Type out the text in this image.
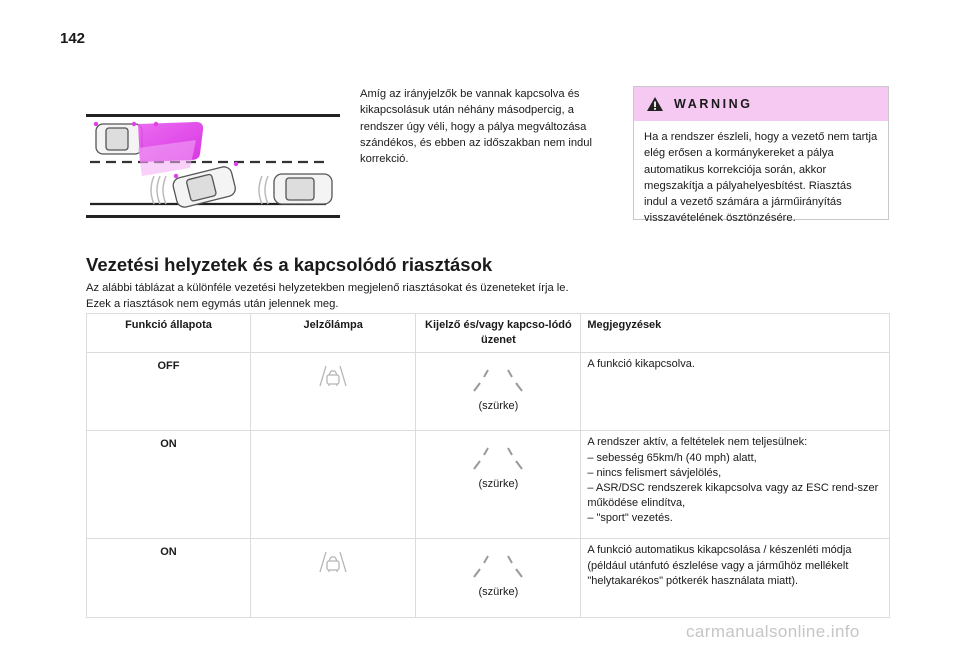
142
Amíg az irányjelzők be vannak kapcsolva és kikapcsolásuk után néhány másodpercig, a rendszer úgy véli, hogy a pálya megváltozása szándékos, és ebben az időszakban nem indul korrekció.
WARNING
Ha a rendszer észleli, hogy a vezető nem tartja elég erősen a kormánykereket a pálya automatikus korrekciója során, akkor megszakítja a pályahelyesbítést. Riasztás indul a vezető számára a járműirányítás visszavételének ösztönzésére.
Vezetési helyzetek és a kapcsolódó riasztások
Az alábbi táblázat a különféle vezetési helyzetekben megjelenő riasztásokat és üzeneteket írja le.
Ezek a riasztások nem egymás után jelennek meg.
Funkció állapota	Jelzőlámpa	Kijelző és/vagy kapcso-lódó üzenet	Megjegyzések
OFF		(szürke)	A funkció kikapcsolva.
ON		(szürke)	A rendszer aktív, a feltételek nem teljesülnek:
– sebesség 65km/h (40 mph) alatt,
– nincs felismert sávjelölés,
– ASR/DSC rendszerek kikapcsolva vagy az ESC rend-szer működése elindítva,
– "sport" vezetés.

ON		(szürke)	A funkció automatikus kikapcsolása / készenléti módja (például utánfutó észlelése vagy a járműhöz mellékelt "helytakarékos" pótkerék használata miatt).
carmanualsonline.info
